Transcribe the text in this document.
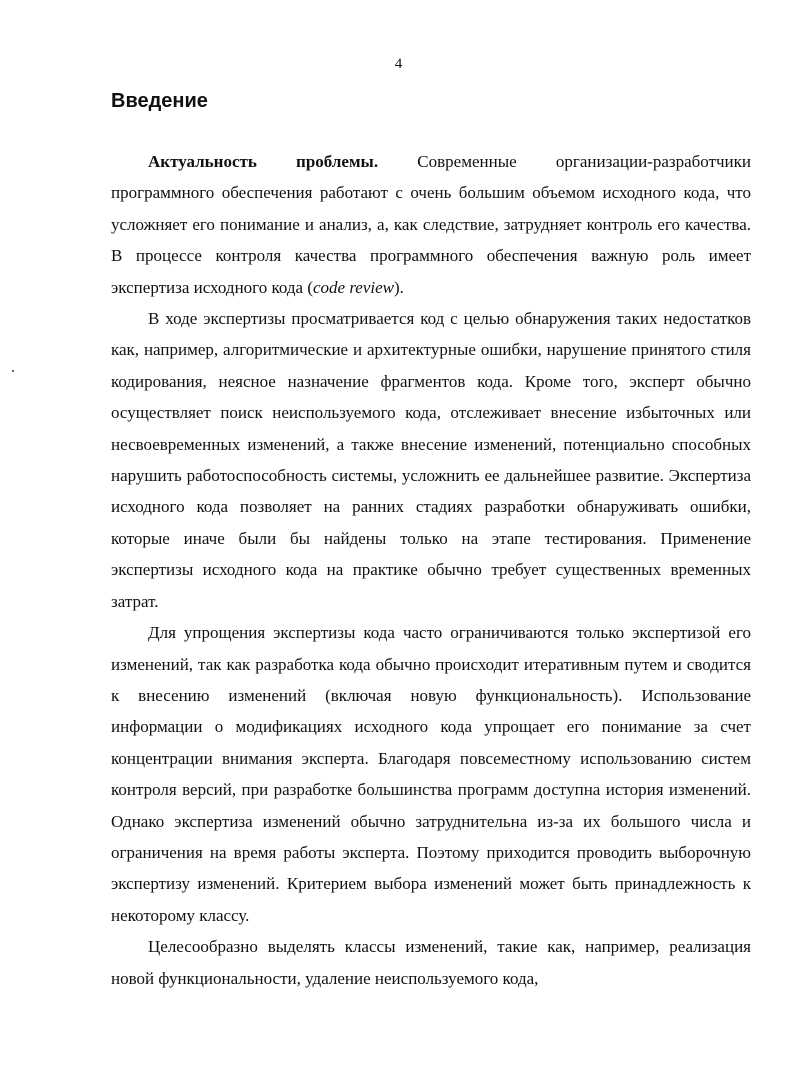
4
Введение

Актуальность проблемы. Современные организации-разработчики программного обеспечения работают с очень большим объемом исходного кода, что усложняет его понимание и анализ, а, как следствие, затрудняет контроль его качества. В процессе контроля качества программного обеспечения важную роль имеет экспертиза исходного кода (code review).

В ходе экспертизы просматривается код с целью обнаружения таких недостатков как, например, алгоритмические и архитектурные ошибки, нарушение принятого стиля кодирования, неясное назначение фрагментов кода. Кроме того, эксперт обычно осуществляет поиск неиспользуемого кода, отслеживает внесение избыточных или несвоевременных изменений, а также внесение изменений, потенциально способных нарушить работоспособность системы, усложнить ее дальнейшее развитие. Экспертиза исходного кода позволяет на ранних стадиях разработки обнаруживать ошибки, которые иначе были бы найдены только на этапе тестирования. Применение экспертизы исходного кода на практике обычно требует существенных временных затрат.

Для упрощения экспертизы кода часто ограничиваются только экспертизой его изменений, так как разработка кода обычно происходит итеративным путем и сводится к внесению изменений (включая новую функциональность). Использование информации о модификациях исходного кода упрощает его понимание за счет концентрации внимания эксперта. Благодаря повсеместному использованию систем контроля версий, при разработке большинства программ доступна история изменений. Однако экспертиза изменений обычно затруднительна из-за их большого числа и ограничения на время работы эксперта. Поэтому приходится проводить выборочную экспертизу изменений. Критерием выбора изменений может быть принадлежность к некоторому классу.

Целесообразно выделять классы изменений, такие как, например, реализация новой функциональности, удаление неиспользуемого кода,
